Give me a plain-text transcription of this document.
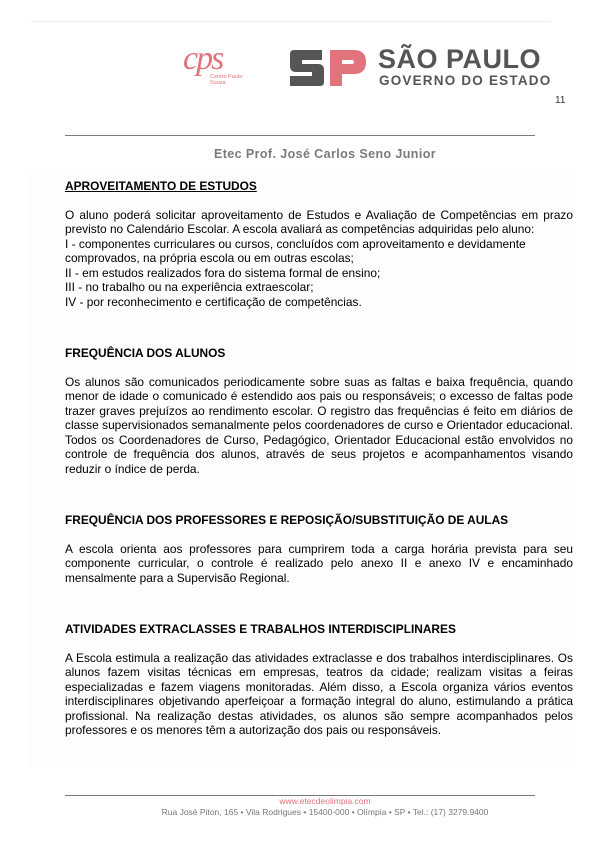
cps
Centro Paula Souza
SÃO PAULO
GOVERNO DO ESTADO
11
Etec Prof. José Carlos Seno Junior
APROVEITAMENTO DE ESTUDOS

O aluno poderá solicitar aproveitamento de Estudos e Avaliação de Competências em prazo previsto no Calendário Escolar. A escola avaliará as competências adquiridas pelo aluno:

I - componentes curriculares ou cursos, concluídos com aproveitamento e devidamente comprovados, na própria escola ou em outras escolas;

II - em estudos realizados fora do sistema formal de ensino;

III - no trabalho ou na experiência extraescolar;

IV - por reconhecimento e certificação de competências.

FREQUÊNCIA DOS ALUNOS

Os alunos são comunicados periodicamente sobre suas as faltas e baixa frequência, quando menor de idade o comunicado é estendido aos pais ou responsáveis; o excesso de faltas pode trazer graves prejuízos ao rendimento escolar. O registro das frequências é feito em diários de classe supervisionados semanalmente pelos coordenadores de curso e Orientador educacional. Todos os Coordenadores de Curso, Pedagógico, Orientador Educacional estão envolvidos no controle de frequência dos alunos, através de seus projetos e acompanhamentos visando reduzir o índice de perda.

FREQUÊNCIA DOS PROFESSORES E REPOSIÇÃO/SUBSTITUIÇÃO DE AULAS

A escola orienta aos professores para cumprirem toda a carga horária prevista para seu componente curricular, o controle é realizado pelo anexo II e anexo IV e encaminhado mensalmente para a Supervisão Regional.

ATIVIDADES EXTRACLASSES E TRABALHOS INTERDISCIPLINARES

A Escola estimula a realização das atividades extraclasse e dos trabalhos interdisciplinares. Os alunos fazem visitas técnicas em empresas, teatros da cidade; realizam visitas a feiras especializadas e fazem viagens monitoradas. Além disso, a Escola organiza vários eventos interdisciplinares objetivando aperfeiçoar a formação integral do aluno, estimulando a prática profissional. Na realização destas atividades, os alunos são sempre acompanhados pelos professores e os menores têm a autorização dos pais ou responsáveis.

www.etecdeolimpia.com
Rua José Piton, 165 • Vila Rodrigues • 15400-000 • Olímpia • SP • Tel.: (17) 3279.9400
